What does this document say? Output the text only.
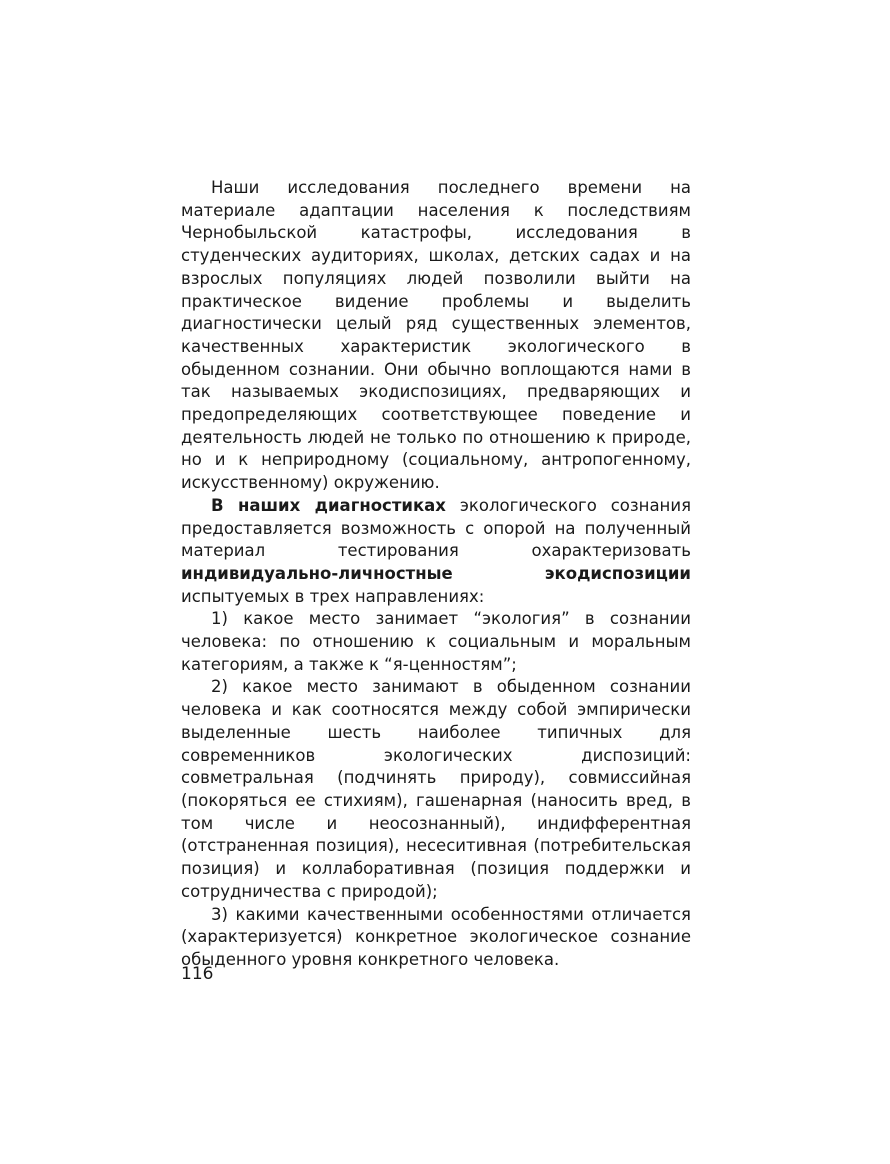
Наши исследования последнего времени на материале адаптации населения к последствиям Чернобыльской катастрофы, исследования в студенческих аудиториях, школах, детских садах и на взрослых популяциях людей позволили выйти на практическое видение проблемы и выделить диагностически целый ряд существенных элементов, качественных характеристик экологического в обыденном сознании. Они обычно воплощаются нами в так называемых экодиспозициях, предваряющих и предопределяющих соответствующее поведение и деятельность людей не только по отношению к природе, но и к неприродному (социальному, антропогенному, искусственному) окружению.

В наших диагностиках экологического сознания предоставляется возможность с опорой на полученный материал тестирования охарактеризовать индивидуально-личностные экодиспозиции испытуемых в трех направлениях:

1) какое место занимает “экология” в сознании человека: по отношению к социальным и моральным категориям, а также к “я-ценностям”;

2) какое место занимают в обыденном сознании человека и как соотносятся между собой эмпирически выделенные шесть наиболее типичных для современников экологических диспозиций: совметральная (подчинять природу), совмиссийная (покоряться ее стихиям), гашенарная (наносить вред, в том числе и неосознанный), индифферентная (отстраненная позиция), несеситивная (потребительская позиция) и коллаборативная (позиция поддержки и сотрудничества с природой);

3) какими качественными особенностями отличается (характеризуется) конкретное экологическое сознание обыденного уровня конкретного человека.

116
